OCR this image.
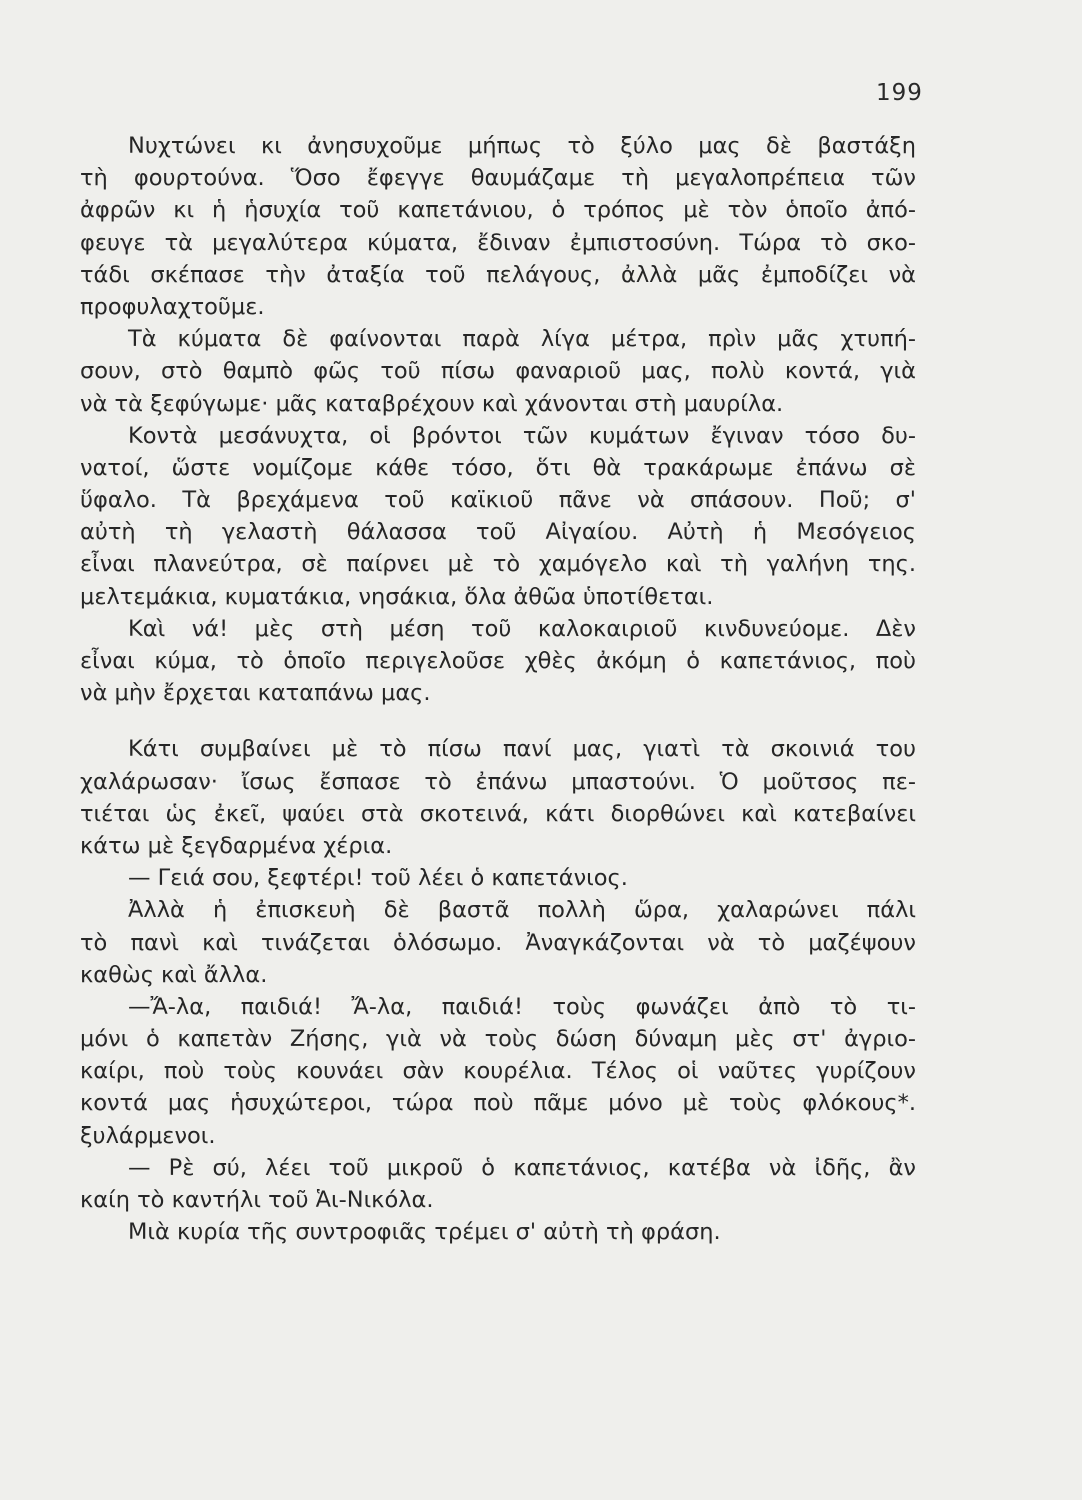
199
Νυχτώνει κι ἀνησυχοῦμε μήπως τὸ ξύλο μας δὲ βαστάξη
τὴ φουρτούνα. Ὅσο ἔφεγγε θαυμάζαμε τὴ μεγαλοπρέπεια τῶν
ἀφρῶν κι ἡ ἡσυχία τοῦ καπετάνιου, ὁ τρόπος μὲ τὸν ὁποῖο ἀπό-
φευγε τὰ μεγαλύτερα κύματα, ἔδιναν ἐμπιστοσύνη. Τώρα τὸ σκο-
τάδι σκέπασε τὴν ἀταξία τοῦ πελάγους, ἀλλὰ μᾶς ἐμποδίζει νὰ
προφυλαχτοῦμε.
Τὰ κύματα δὲ φαίνονται παρὰ λίγα μέτρα, πρὶν μᾶς χτυπή-
σουν, στὸ θαμπὸ φῶς τοῦ πίσω φαναριοῦ μας, πολὺ κοντά, γιὰ
νὰ τὰ ξεφύγωμε· μᾶς καταβρέχουν καὶ χάνονται στὴ μαυρίλα.
Κοντὰ μεσάνυχτα, οἱ βρόντοι τῶν κυμάτων ἔγιναν τόσο δυ-
νατοί, ὥστε νομίζομε κάθε τόσο, ὅτι θὰ τρακάρωμε ἐπάνω σὲ
ὕφαλο. Τὰ βρεχάμενα τοῦ καϊκιοῦ πᾶνε νὰ σπάσουν. Ποῦ; σ'
αὐτὴ τὴ γελαστὴ θάλασσα τοῦ Αἰγαίου. Αὐτὴ ἡ Μεσόγειος
εἶναι πλανεύτρα, σὲ παίρνει μὲ τὸ χαμόγελο καὶ τὴ γαλήνη της.
μελτεμάκια, κυματάκια, νησάκια, ὅλα ἀθῶα ὑποτίθεται.
Καὶ νά! μὲς στὴ μέση τοῦ καλοκαιριοῦ κινδυνεύομε. Δὲν
εἶναι κύμα, τὸ ὁποῖο περιγελοῦσε χθὲς ἀκόμη ὁ καπετάνιος, ποὺ
νὰ μὴν ἔρχεται καταπάνω μας.
Κάτι συμβαίνει μὲ τὸ πίσω πανί μας, γιατὶ τὰ σκοινιά του
χαλάρωσαν· ἴσως ἔσπασε τὸ ἐπάνω μπαστούνι. Ὁ μοῦτσος πε-
τιέται ὡς ἐκεῖ, ψαύει στὰ σκοτεινά, κάτι διορθώνει καὶ κατεβαίνει
κάτω μὲ ξεγδαρμένα χέρια.
— Γειά σου, ξεφτέρι! τοῦ λέει ὁ καπετάνιος.
Ἀλλὰ ἡ ἐπισκευὴ δὲ βαστᾶ πολλὴ ὥρα, χαλαρώνει πάλι
τὸ πανὶ καὶ τινάζεται ὁλόσωμο. Ἀναγκάζονται νὰ τὸ μαζέψουν
καθὼς καὶ ἄλλα.
—Ἄ-λα, παιδιά! Ἄ-λα, παιδιά! τοὺς φωνάζει ἀπὸ τὸ τι-
μόνι ὁ καπετὰν Ζήσης, γιὰ νὰ τοὺς δώση δύναμη μὲς στ' ἀγριο-
καίρι, ποὺ τοὺς κουνάει σὰν κουρέλια. Τέλος οἱ ναῦτες γυρίζουν
κοντά μας ἡσυχώτεροι, τώρα ποὺ πᾶμε μόνο μὲ τοὺς φλόκους*.
ξυλάρμενοι.
— Ρὲ σύ, λέει τοῦ μικροῦ ὁ καπετάνιος, κατέβα νὰ ἰδῆς, ἂν
καίη τὸ καντήλι τοῦ Ἁι-Νικόλα.
Μιὰ κυρία τῆς συντροφιᾶς τρέμει σ' αὐτὴ τὴ φράση.
